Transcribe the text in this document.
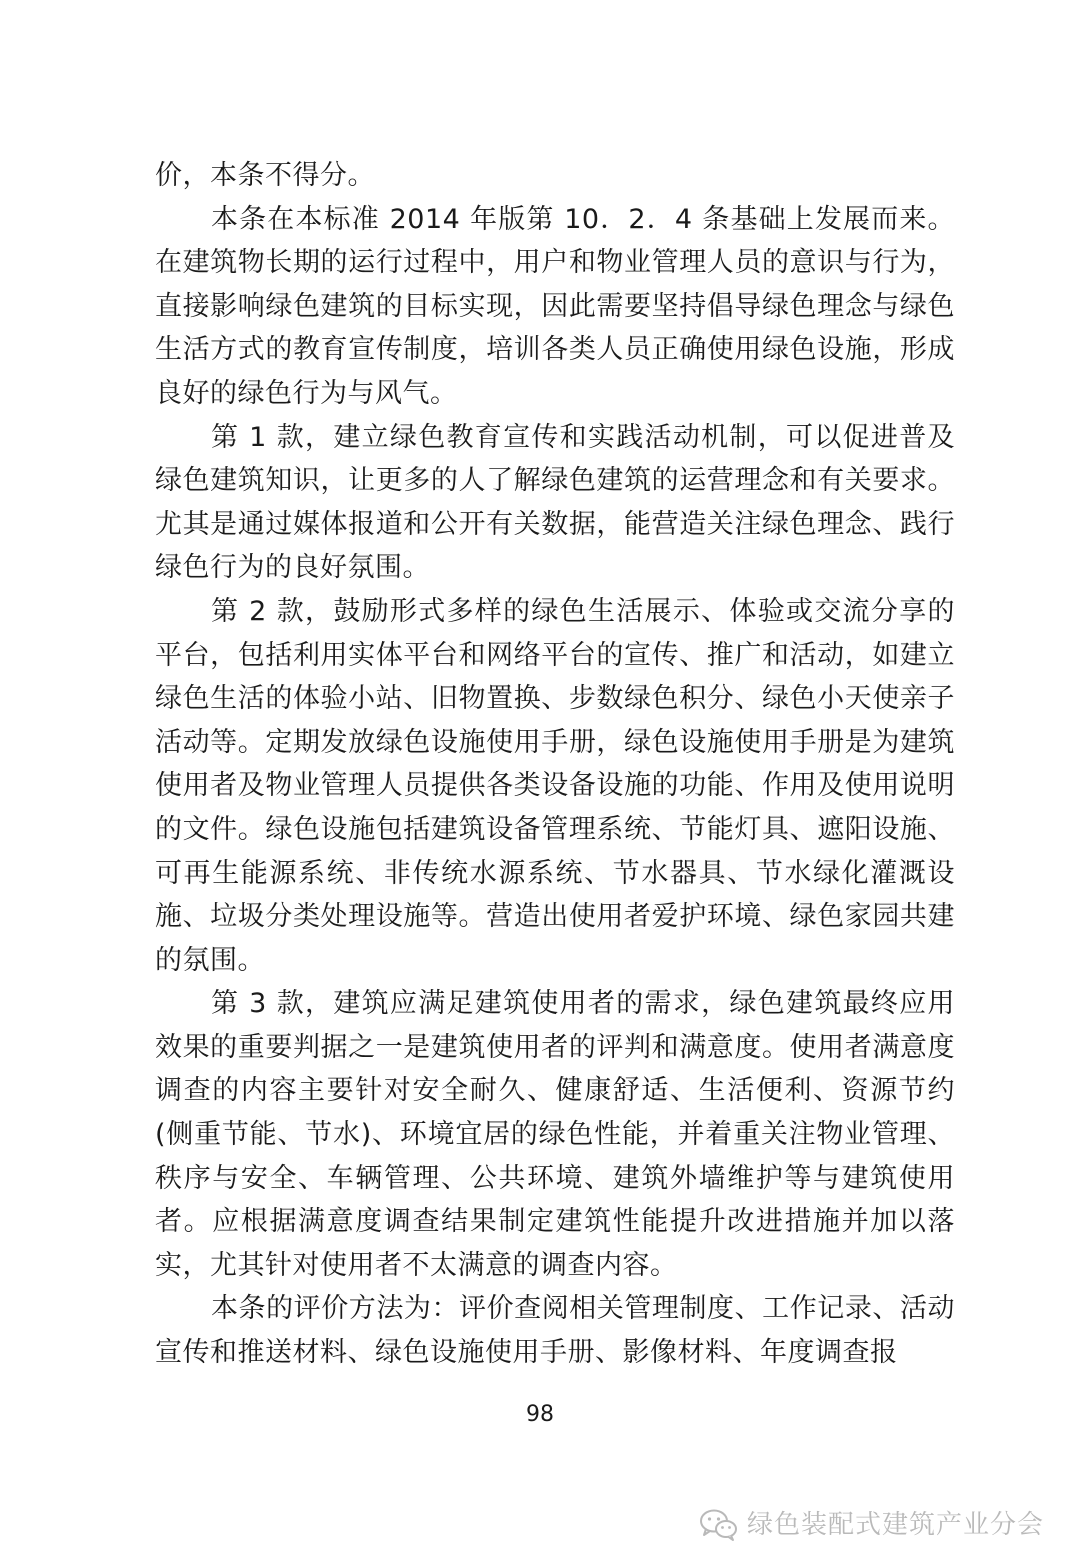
价，本条不得分。

本条在本标准 2014 年版第 10．2．4 条基础上发展而来。在建筑物长期的运行过程中，用户和物业管理人员的意识与行为，直接影响绿色建筑的目标实现，因此需要坚持倡导绿色理念与绿色生活方式的教育宣传制度，培训各类人员正确使用绿色设施，形成良好的绿色行为与风气。

第 1 款，建立绿色教育宣传和实践活动机制，可以促进普及绿色建筑知识，让更多的人了解绿色建筑的运营理念和有关要求。尤其是通过媒体报道和公开有关数据，能营造关注绿色理念、践行绿色行为的良好氛围。

第 2 款，鼓励形式多样的绿色生活展示、体验或交流分享的平台，包括利用实体平台和网络平台的宣传、推广和活动，如建立绿色生活的体验小站、旧物置换、步数绿色积分、绿色小天使亲子活动等。定期发放绿色设施使用手册，绿色设施使用手册是为建筑使用者及物业管理人员提供各类设备设施的功能、作用及使用说明的文件。绿色设施包括建筑设备管理系统、节能灯具、遮阳设施、可再生能源系统、非传统水源系统、节水器具、节水绿化灌溉设施、垃圾分类处理设施等。营造出使用者爱护环境、绿色家园共建的氛围。

第 3 款，建筑应满足建筑使用者的需求，绿色建筑最终应用效果的重要判据之一是建筑使用者的评判和满意度。使用者满意度调查的内容主要针对安全耐久、健康舒适、生活便利、资源节约(侧重节能、节水)、环境宜居的绿色性能，并着重关注物业管理、秩序与安全、车辆管理、公共环境、建筑外墙维护等与建筑使用者。应根据满意度调查结果制定建筑性能提升改进措施并加以落实，尤其针对使用者不太满意的调查内容。

本条的评价方法为：评价查阅相关管理制度、工作记录、活动宣传和推送材料、绿色设施使用手册、影像材料、年度调查报

98
绿色装配式建筑产业分会
